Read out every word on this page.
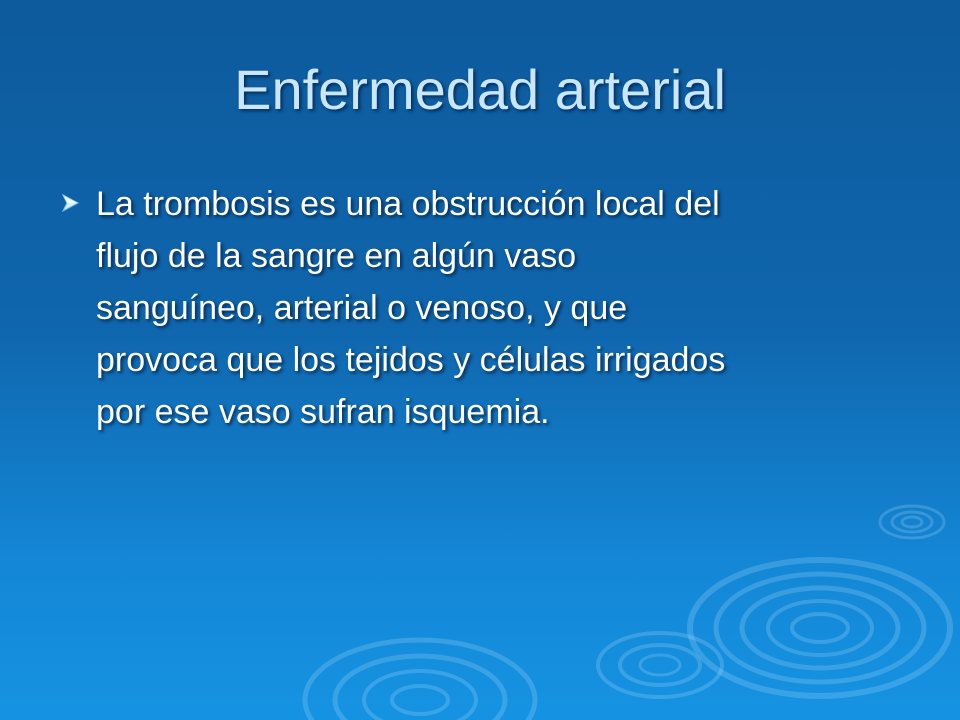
Enfermedad arterial
La trombosis es una obstrucción local del
flujo de la sangre en algún vaso
sanguíneo, arterial o venoso, y que
provoca que los tejidos y células irrigados
por ese vaso sufran isquemia.
